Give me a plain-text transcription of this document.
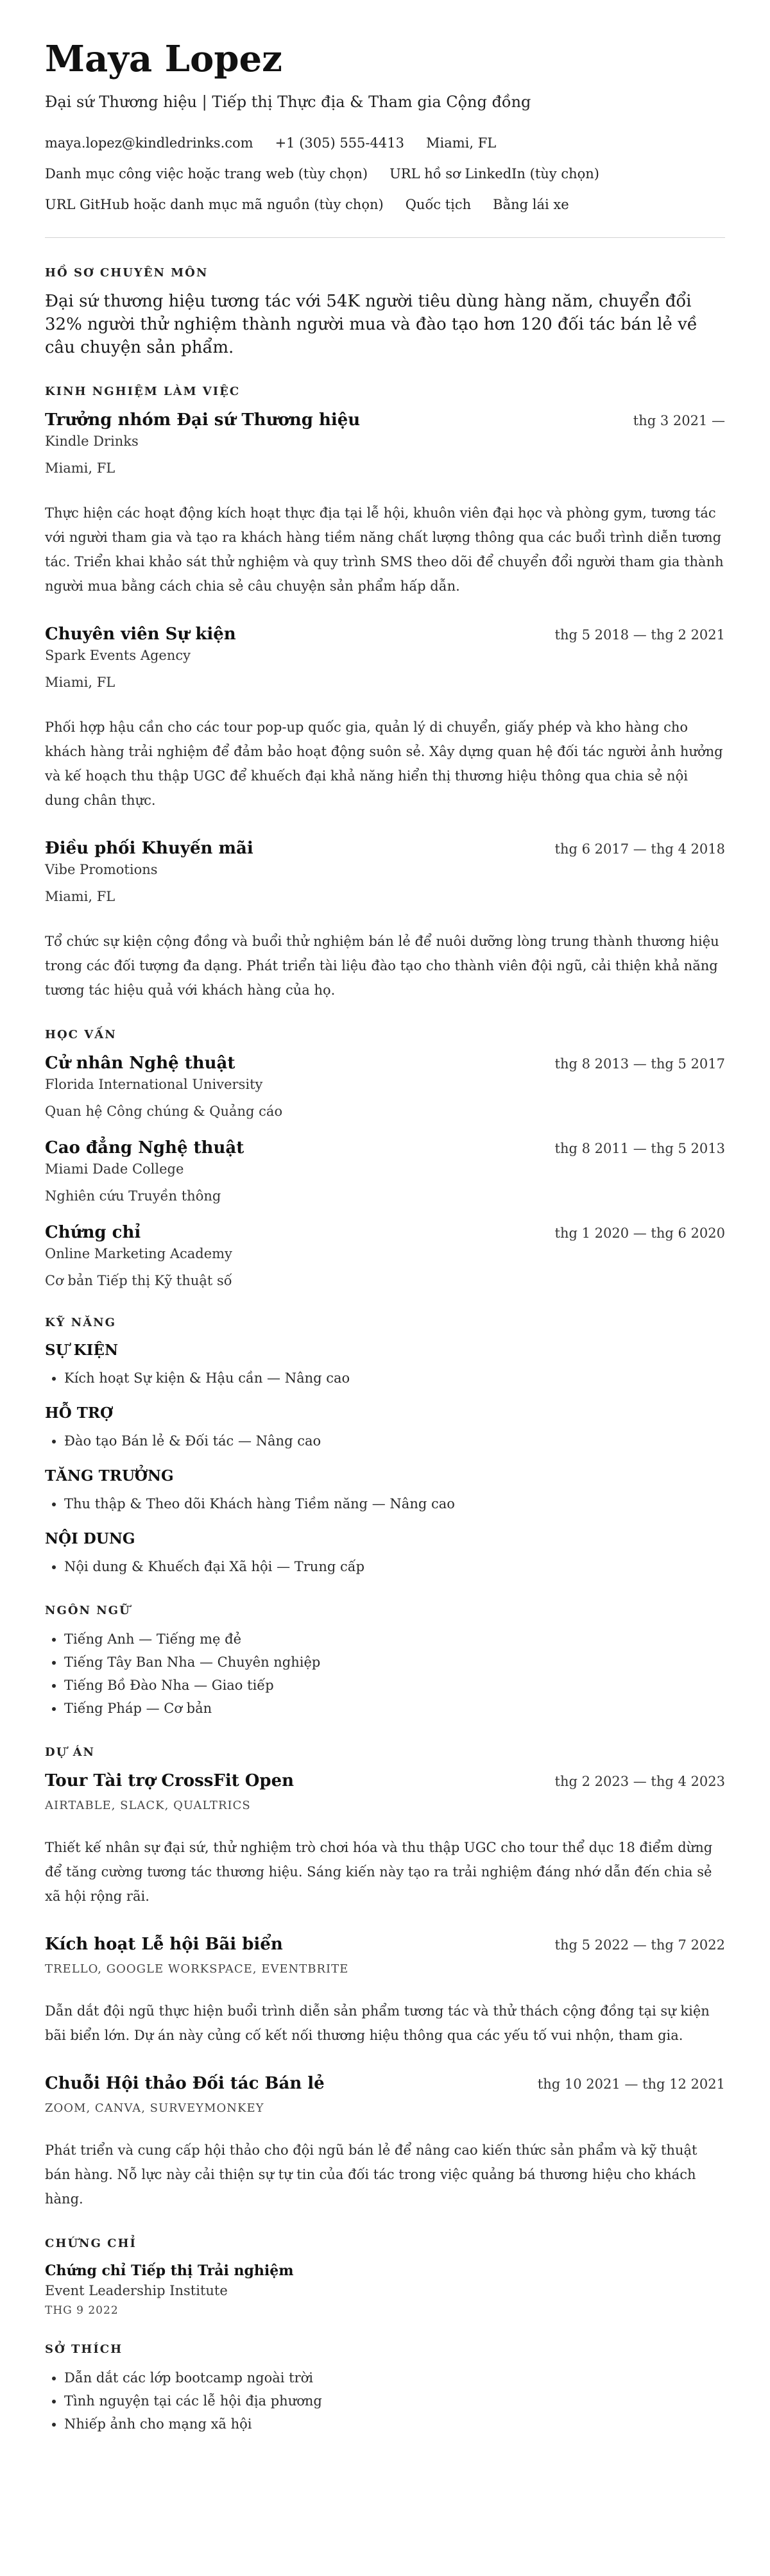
Maya Lopez
Đại sứ Thương hiệu | Tiếp thị Thực địa & Tham gia Cộng đồng
maya.lopez@kindledrinks.com +1 (305) 555-4413 Miami, FL
Danh mục công việc hoặc trang web (tùy chọn) URL hồ sơ LinkedIn (tùy chọn)
URL GitHub hoặc danh mục mã nguồn (tùy chọn) Quốc tịch Bằng lái xe
HỒ SƠ CHUYÊN MÔN

Đại sứ thương hiệu tương tác với 54K người tiêu dùng hàng năm, chuyển đổi 32% người thử nghiệm thành người mua và đào tạo hơn 120 đối tác bán lẻ về câu chuyện sản phẩm.

KINH NGHIỆM LÀM VIỆC
Trưởng nhóm Đại sứ Thương hiệu	thg 3 2021 —
Kindle Drinks
Miami, FL
Thực hiện các hoạt động kích hoạt thực địa tại lễ hội, khuôn viên đại học và phòng gym, tương tác với người tham gia và tạo ra khách hàng tiềm năng chất lượng thông qua các buổi trình diễn tương tác. Triển khai khảo sát thử nghiệm và quy trình SMS theo dõi để chuyển đổi người tham gia thành người mua bằng cách chia sẻ câu chuyện sản phẩm hấp dẫn.
Chuyên viên Sự kiện	thg 5 2018 — thg 2 2021
Spark Events Agency
Miami, FL
Phối hợp hậu cần cho các tour pop-up quốc gia, quản lý di chuyển, giấy phép và kho hàng cho khách hàng trải nghiệm để đảm bảo hoạt động suôn sẻ. Xây dựng quan hệ đối tác người ảnh hưởng và kế hoạch thu thập UGC để khuếch đại khả năng hiển thị thương hiệu thông qua chia sẻ nội dung chân thực.
Điều phối Khuyến mãi	thg 6 2017 — thg 4 2018
Vibe Promotions
Miami, FL
Tổ chức sự kiện cộng đồng và buổi thử nghiệm bán lẻ để nuôi dưỡng lòng trung thành thương hiệu trong các đối tượng đa dạng. Phát triển tài liệu đào tạo cho thành viên đội ngũ, cải thiện khả năng tương tác hiệu quả với khách hàng của họ.
HỌC VẤN
Cử nhân Nghệ thuật	thg 8 2013 — thg 5 2017
Florida International University
Quan hệ Công chúng & Quảng cáo
Cao đẳng Nghệ thuật	thg 8 2011 — thg 5 2013
Miami Dade College
Nghiên cứu Truyền thông
Chứng chỉ	thg 1 2020 — thg 6 2020
Online Marketing Academy
Cơ bản Tiếp thị Kỹ thuật số
KỸ NĂNG
SỰ KIỆN
• Kích hoạt Sự kiện & Hậu cần — Nâng cao
HỖ TRỢ
• Đào tạo Bán lẻ & Đối tác — Nâng cao
TĂNG TRƯỞNG
• Thu thập & Theo dõi Khách hàng Tiềm năng — Nâng cao
NỘI DUNG
• Nội dung & Khuếch đại Xã hội — Trung cấp
NGÔN NGỮ
• Tiếng Anh — Tiếng mẹ đẻ
• Tiếng Tây Ban Nha — Chuyên nghiệp
• Tiếng Bồ Đào Nha — Giao tiếp
• Tiếng Pháp — Cơ bản
DỰ ÁN
Tour Tài trợ CrossFit Open	thg 2 2023 — thg 4 2023
AIRTABLE, SLACK, QUALTRICS
Thiết kế nhân sự đại sứ, thử nghiệm trò chơi hóa và thu thập UGC cho tour thể dục 18 điểm dừng để tăng cường tương tác thương hiệu. Sáng kiến này tạo ra trải nghiệm đáng nhớ dẫn đến chia sẻ xã hội rộng rãi.
Kích hoạt Lễ hội Bãi biển	thg 5 2022 — thg 7 2022
TRELLO, GOOGLE WORKSPACE, EVENTBRITE
Dẫn dắt đội ngũ thực hiện buổi trình diễn sản phẩm tương tác và thử thách cộng đồng tại sự kiện bãi biển lớn. Dự án này củng cố kết nối thương hiệu thông qua các yếu tố vui nhộn, tham gia.
Chuỗi Hội thảo Đối tác Bán lẻ	thg 10 2021 — thg 12 2021
ZOOM, CANVA, SURVEYMONKEY
Phát triển và cung cấp hội thảo cho đội ngũ bán lẻ để nâng cao kiến thức sản phẩm và kỹ thuật bán hàng. Nỗ lực này cải thiện sự tự tin của đối tác trong việc quảng bá thương hiệu cho khách hàng.
CHỨNG CHỈ
Chứng chỉ Tiếp thị Trải nghiệm
Event Leadership Institute
THG 9 2022
SỞ THÍCH
• Dẫn dắt các lớp bootcamp ngoài trời
• Tình nguyện tại các lễ hội địa phương
• Nhiếp ảnh cho mạng xã hội
